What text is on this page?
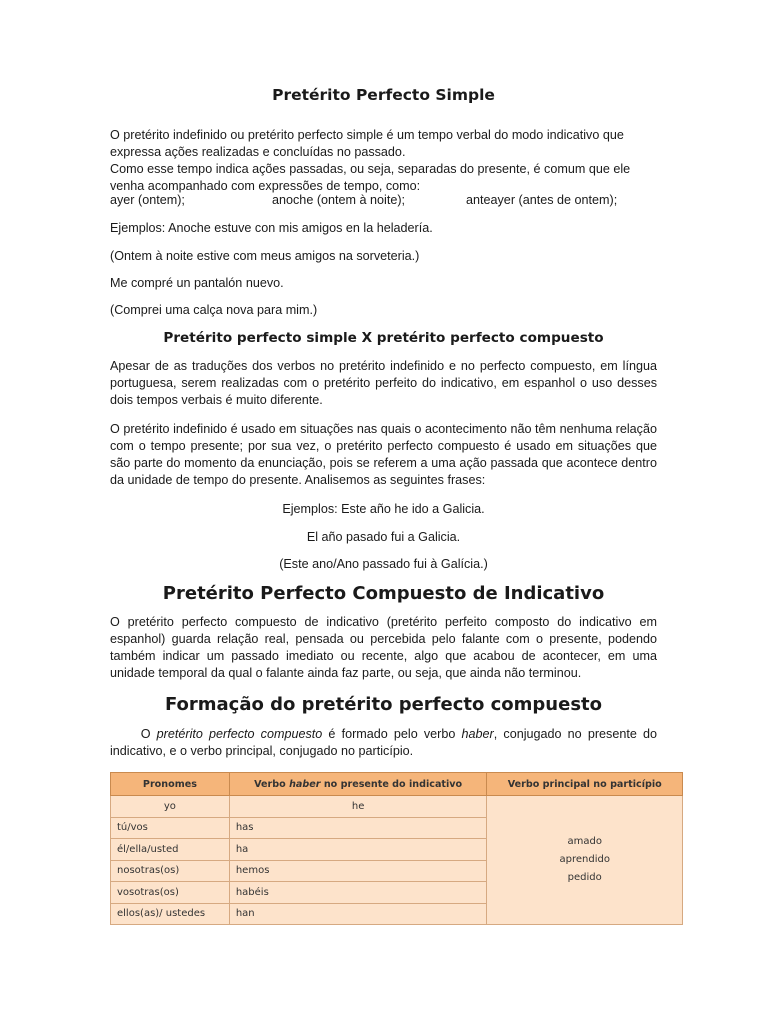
Pretérito Perfecto Simple

O pretérito indefinido ou pretérito perfecto simple é um tempo verbal do modo indicativo que
expressa ações realizadas e concluídas no passado.

Como esse tempo indica ações passadas, ou seja, separadas do presente, é comum que ele
venha acompanhado com expressões de tempo, como:

ayer (ontem);	anoche (ontem à noite);	anteayer (antes de ontem);

Ejemplos: Anoche estuve con mis amigos en la heladería.

(Ontem à noite estive com meus amigos na sorveteria.)

Me compré un pantalón nuevo.

(Comprei uma calça nova para mim.)

Pretérito perfecto simple X pretérito perfecto compuesto

Apesar de as traduções dos verbos no pretérito indefinido e no perfecto compuesto, em língua portuguesa, serem realizadas com o pretérito perfeito do indicativo, em espanhol o uso desses dois tempos verbais é muito diferente.

O pretérito indefinido é usado em situações nas quais o acontecimento não têm nenhuma relação com o tempo presente; por sua vez, o pretérito perfecto compuesto é usado em situações que são parte do momento da enunciação, pois se referem a uma ação passada que acontece dentro da unidade de tempo do presente. Analisemos as seguintes frases:

Ejemplos: Este año he ido a Galicia.

El año pasado fui a Galicia.

(Este ano/Ano passado fui à Galícia.)

Pretérito Perfecto Compuesto de Indicativo

O pretérito perfecto compuesto de indicativo (pretérito perfeito composto do indicativo em espanhol) guarda relação real, pensada ou percebida pelo falante com o presente, podendo também indicar um passado imediato ou recente, algo que acabou de acontecer, em uma unidade temporal da qual o falante ainda faz parte, ou seja, que ainda não terminou.

Formação do pretérito perfecto compuesto

O pretérito perfecto compuesto é formado pelo verbo haber, conjugado no presente do indicativo, e o verbo principal, conjugado no particípio.

Pronomes	Verbo haber no presente do indicativo	Verbo principal no particípio
yo	he	amado
aprendido
pedido

tú/vos	has	
él/ella/usted	ha	
nosotras(os)	hemos	
vosotras(os)	habéis	
ellos(as)/ ustedes	han	
